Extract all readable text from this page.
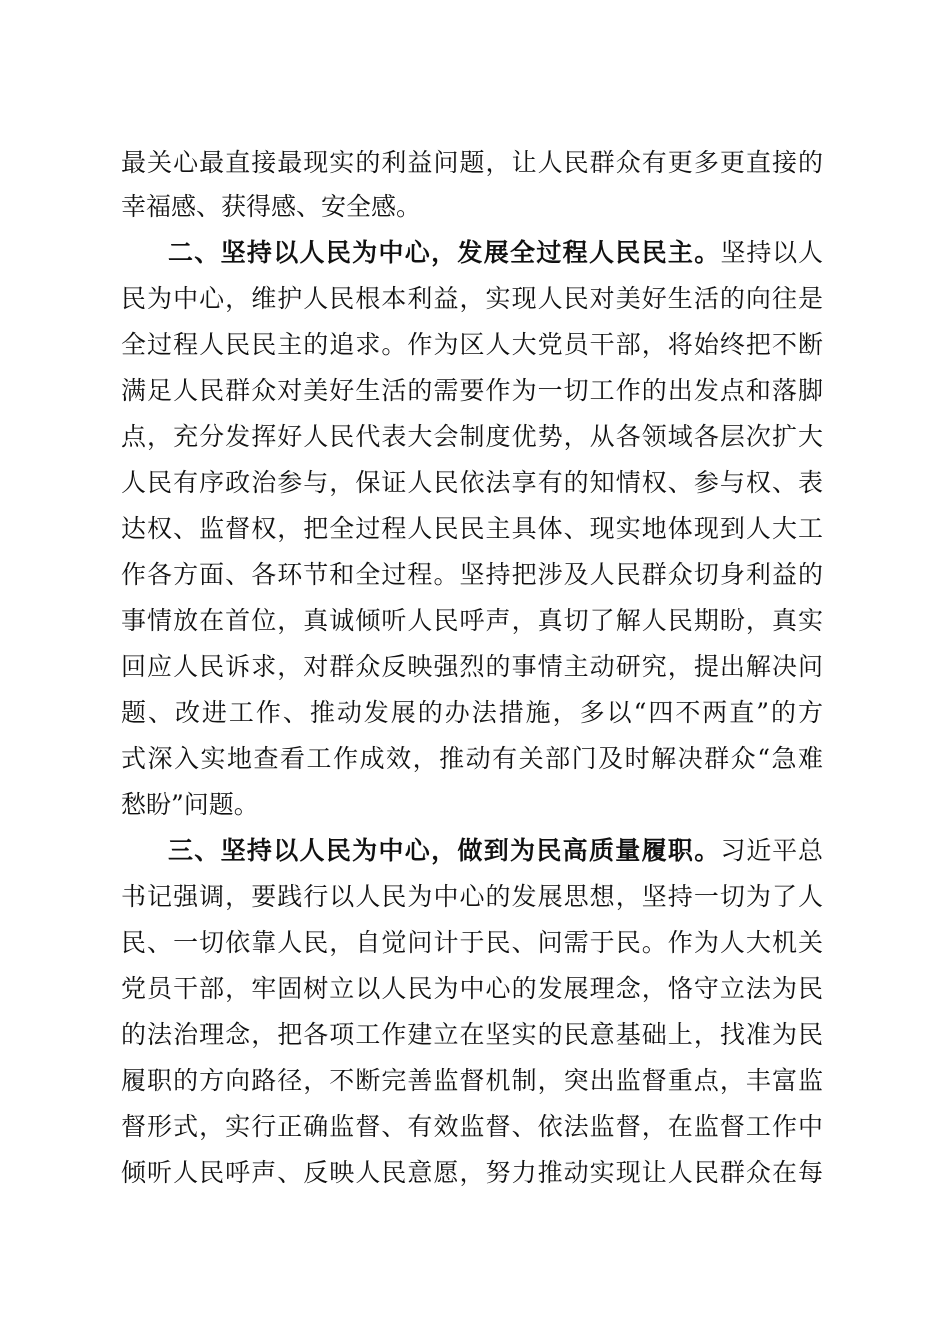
最关心最直接最现实的利益问题，让人民群众有更多更直接的
幸福感、获得感、安全感。
二、坚持以人民为中心，发展全过程人民民主。坚持以人
民为中心，维护人民根本利益，实现人民对美好生活的向往是
全过程人民民主的追求。作为区人大党员干部，将始终把不断
满足人民群众对美好生活的需要作为一切工作的出发点和落脚
点，充分发挥好人民代表大会制度优势，从各领域各层次扩大
人民有序政治参与，保证人民依法享有的知情权、参与权、表
达权、监督权，把全过程人民民主具体、现实地体现到人大工
作各方面、各环节和全过程。坚持把涉及人民群众切身利益的
事情放在首位，真诚倾听人民呼声，真切了解人民期盼，真实
回应人民诉求，对群众反映强烈的事情主动研究，提出解决问
题、改进工作、推动发展的办法措施，多以“四不两直”的方
式深入实地查看工作成效，推动有关部门及时解决群众“急难
愁盼”问题。
三、坚持以人民为中心，做到为民高质量履职。习近平总
书记强调，要践行以人民为中心的发展思想，坚持一切为了人
民、一切依靠人民，自觉问计于民、问需于民。作为人大机关
党员干部，牢固树立以人民为中心的发展理念，恪守立法为民
的法治理念，把各项工作建立在坚实的民意基础上，找准为民
履职的方向路径，不断完善监督机制，突出监督重点，丰富监
督形式，实行正确监督、有效监督、依法监督，在监督工作中
倾听人民呼声、反映人民意愿，努力推动实现让人民群众在每
